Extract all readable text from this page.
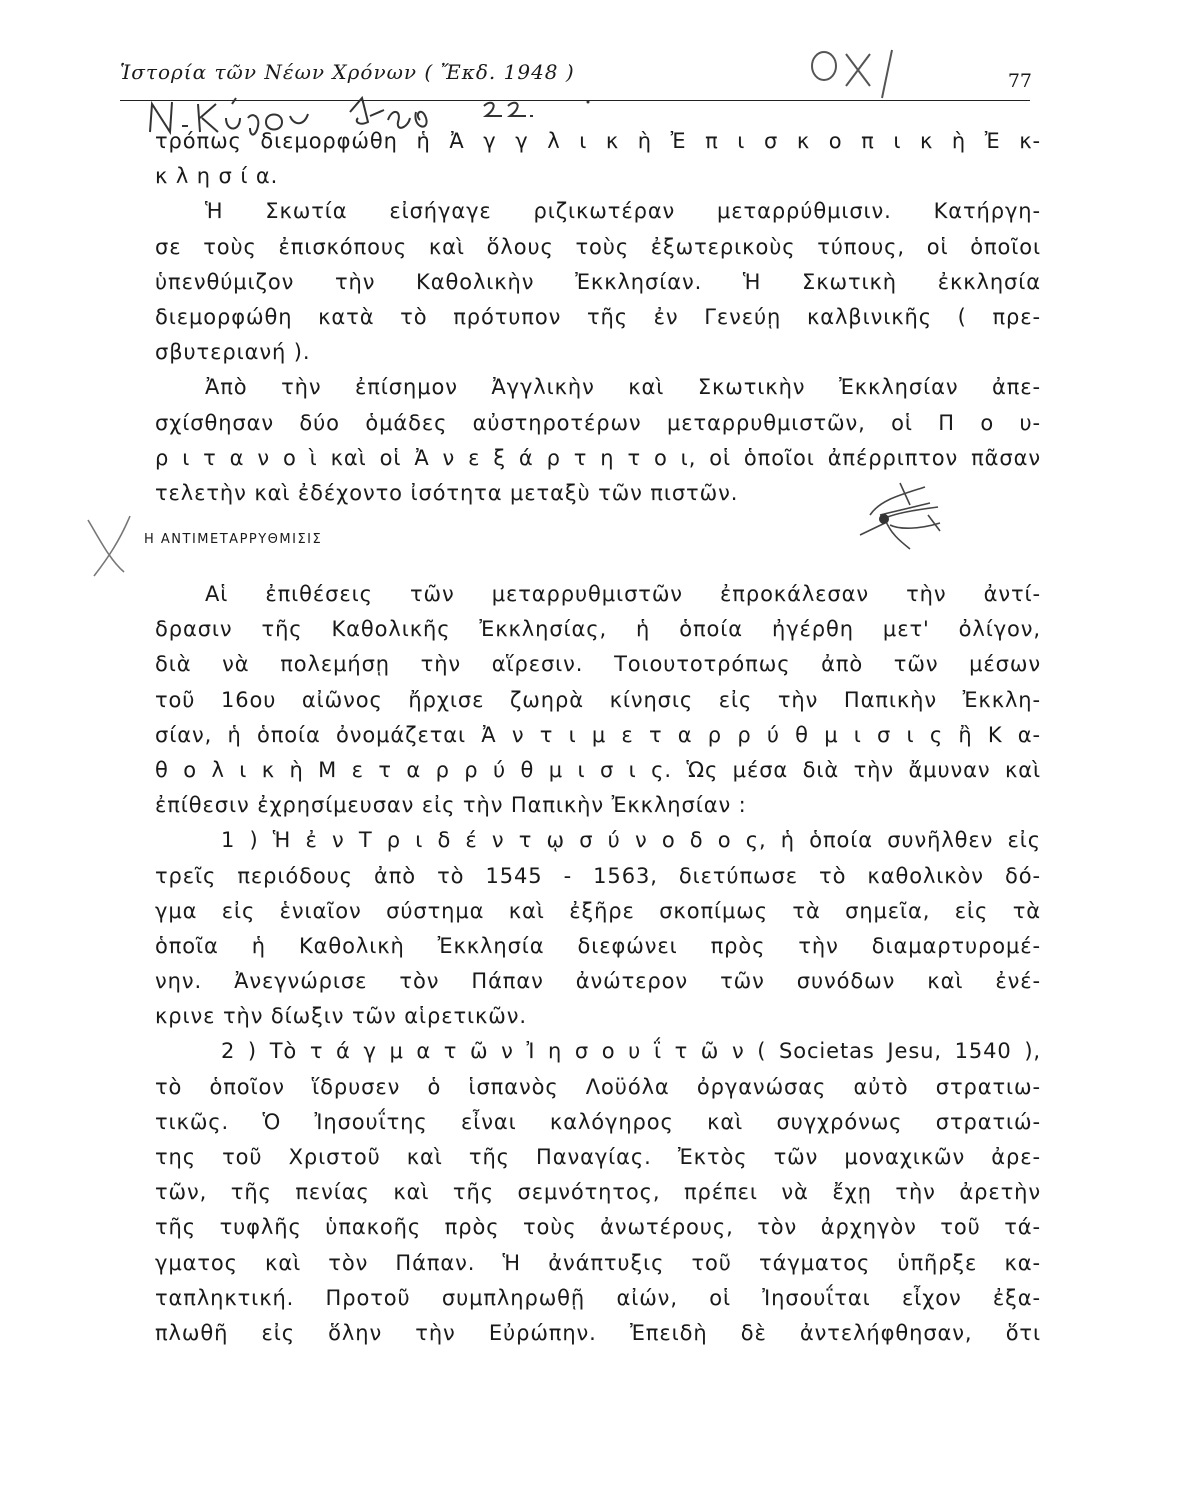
Ἱστορία τῶν Νέων Χρόνων ( Ἔκδ. 1948 )	77
τρόπως διεμορφώθη ἡ Ἀ γ γ λ ι κ ὴ Ἐ π ι σ κ ο π ι κ ὴ Ἐ κ-
κ λ η σ ί α.
Ἡ Σκωτία εἰσήγαγε ριζικωτέραν μεταρρύθμισιν. Κατήργη-
σε τοὺς ἐπισκόπους καὶ ὅλους τοὺς ἐξωτερικοὺς τύπους, οἱ ὁποῖοι
ὑπενθύμιζον τὴν Καθολικὴν Ἐκκλησίαν. Ἡ Σκωτικὴ ἐκκλησία
διεμορφώθη κατὰ τὸ πρότυπον τῆς ἐν Γενεύῃ καλβινικῆς ( πρε-
σβυτεριανή ).
Ἀπὸ τὴν ἐπίσημον Ἀγγλικὴν καὶ Σκωτικὴν Ἐκκλησίαν ἀπε-
σχίσθησαν δύο ὁμάδες αὐστηροτέρων μεταρρυθμιστῶν, οἱ Π ο υ-
ρ ι τ α ν ο ὶ καὶ οἱ Ἀ ν ε ξ ά ρ τ η τ ο ι, οἱ ὁποῖοι ἀπέρριπτον πᾶσαν
τελετὴν καὶ ἐδέχοντο ἰσότητα μεταξὺ τῶν πιστῶν.
Η ΑΝΤΙΜΕΤΑΡΡΥΘΜΙΣΙΣ
Αἱ ἐπιθέσεις τῶν μεταρρυθμιστῶν ἐπροκάλεσαν τὴν ἀντί-
δρασιν τῆς Καθολικῆς Ἐκκλησίας, ἡ ὁποία ἠγέρθη μετ' ὀλίγον,
διὰ νὰ πολεμήσῃ τὴν αἵρεσιν. Τοιουτοτρόπως ἀπὸ τῶν μέσων
τοῦ 16ου αἰῶνος ἤρχισε ζωηρὰ κίνησις εἰς τὴν Παπικὴν Ἐκκλη-
σίαν, ἡ ὁποία ὀνομάζεται Ἀ ν τ ι μ ε τ α ρ ρ ύ θ μ ι σ ι ς ἢ Κ α-
θ ο λ ι κ ὴ Μ ε τ α ρ ρ ύ θ μ ι σ ι ς. Ὡς μέσα διὰ τὴν ἄμυναν καὶ
ἐπίθεσιν ἐχρησίμευσαν εἰς τὴν Παπικὴν Ἐκκλησίαν :
1 ) Ἡ ἐ ν Τ ρ ι δ έ ν τ ῳ σ ύ ν ο δ ο ς, ἡ ὁποία συνῆλθεν εἰς
τρεῖς περιόδους ἀπὸ τὸ 1545 - 1563, διετύπωσε τὸ καθολικὸν δό-
γμα εἰς ἑνιαῖον σύστημα καὶ ἐξῆρε σκοπίμως τὰ σημεῖα, εἰς τὰ
ὁποῖα ἡ Καθολικὴ Ἐκκλησία διεφώνει πρὸς τὴν διαμαρτυρομέ-
νην. Ἀνεγνώρισε τὸν Πάπαν ἀνώτερον τῶν συνόδων καὶ ἐνέ-
κρινε τὴν δίωξιν τῶν αἱρετικῶν.
2 ) Τὸ τ ά γ μ α τ ῶ ν Ἰ η σ ο υ ΐ τ ῶ ν ( Societas Jesu, 1540 ),
τὸ ὁποῖον ἵδρυσεν ὁ ἱσπανὸς Λοϋόλα ὀργανώσας αὐτὸ στρατιω-
τικῶς. Ὁ Ἰησουΐτης εἶναι καλόγηρος καὶ συγχρόνως στρατιώ-
της τοῦ Χριστοῦ καὶ τῆς Παναγίας. Ἐκτὸς τῶν μοναχικῶν ἀρε-
τῶν, τῆς πενίας καὶ τῆς σεμνότητος, πρέπει νὰ ἔχῃ τὴν ἀρετὴν
τῆς τυφλῆς ὑπακοῆς πρὸς τοὺς ἀνωτέρους, τὸν ἀρχηγὸν τοῦ τά-
γματος καὶ τὸν Πάπαν. Ἡ ἀνάπτυξις τοῦ τάγματος ὑπῆρξε κα-
ταπληκτική. Προτοῦ συμπληρωθῇ αἰών, οἱ Ἰησουΐται εἶχον ἐξα-
πλωθῆ εἰς ὅλην τὴν Εὐρώπην. Ἐπειδὴ δὲ ἀντελήφθησαν, ὅτι
